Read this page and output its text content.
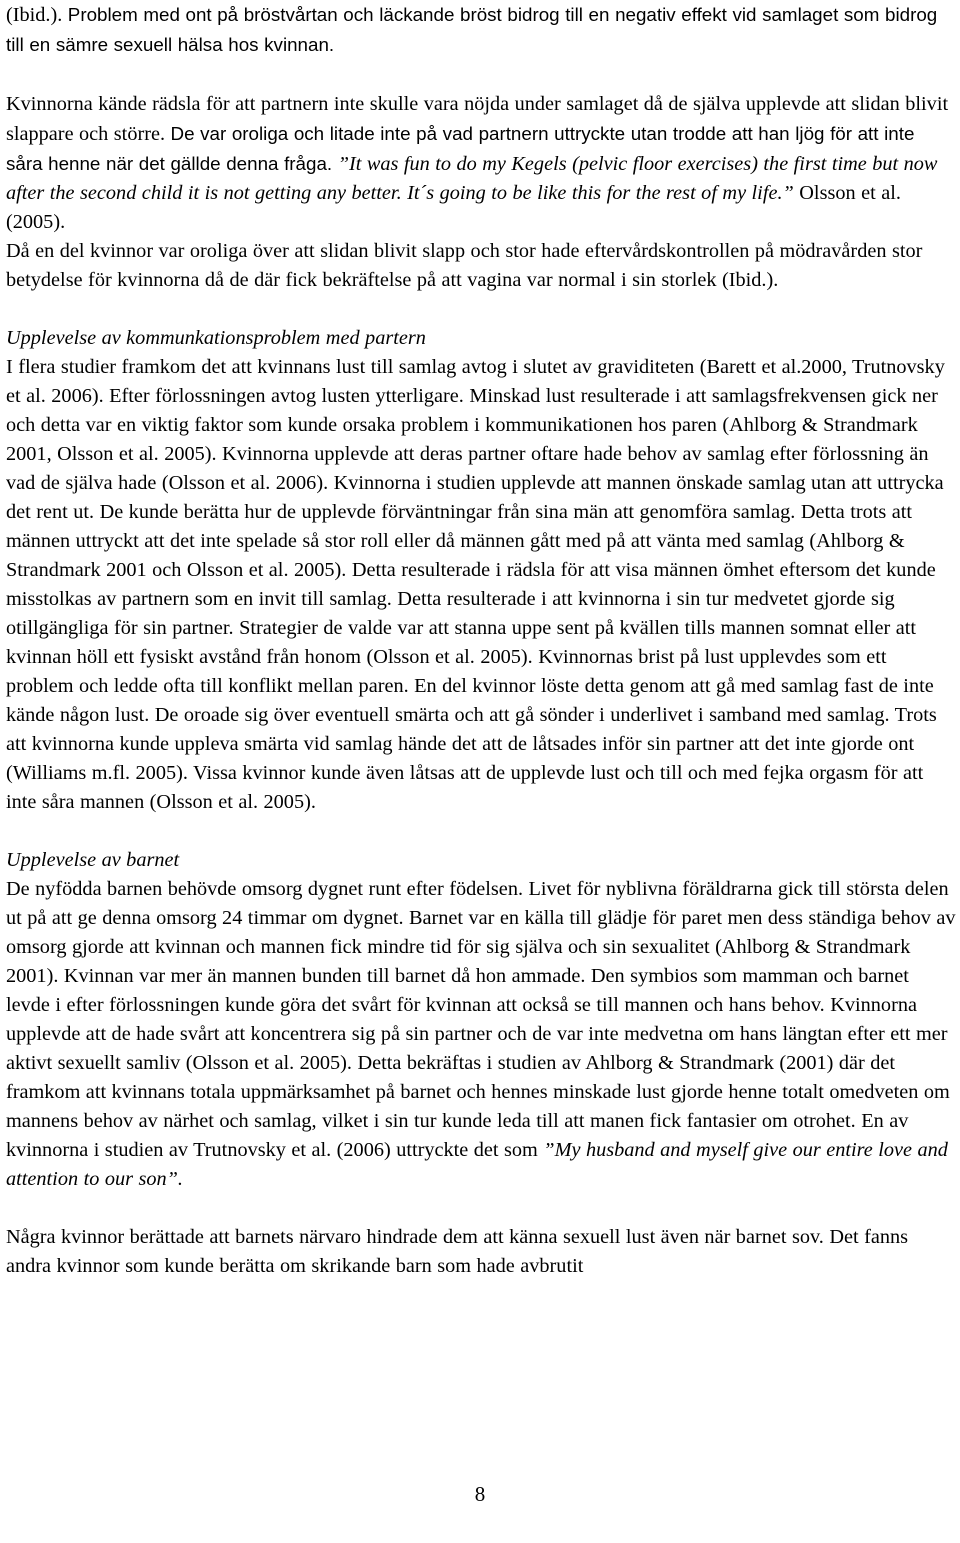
(Ibid.). Problem med ont på bröstvårtan och läckande bröst bidrog till en negativ effekt vid samlaget som bidrog till en sämre sexuell hälsa hos kvinnan.

Kvinnorna kände rädsla för att partnern inte skulle vara nöjda under samlaget då de själva upplevde att slidan blivit slappare och större. De var oroliga och litade inte på vad partnern uttryckte utan trodde att han ljög för att inte såra henne när det gällde denna fråga. ”It was fun to do my Kegels (pelvic floor exercises) the first time but now after the second child it is not getting any better. It´s going to be like this for the rest of my life.” Olsson et al. (2005).
Då en del kvinnor var oroliga över att slidan blivit slapp och stor hade eftervårdskontrollen på mödravården stor betydelse för kvinnorna då de där fick bekräftelse på att vagina var normal i sin storlek (Ibid.).

Upplevelse av kommunkationsproblem med partern

I flera studier framkom det att kvinnans lust till samlag avtog i slutet av graviditeten (Barett et al.2000, Trutnovsky et al. 2006). Efter förlossningen avtog lusten ytterligare. Minskad lust resulterade i att samlagsfrekvensen gick ner och detta var en viktig faktor som kunde orsaka problem i kommunikationen hos paren (Ahlborg & Strandmark 2001, Olsson et al. 2005). Kvinnorna upplevde att deras partner oftare hade behov av samlag efter förlossning än vad de själva hade (Olsson et al. 2006). Kvinnorna i studien upplevde att mannen önskade samlag utan att uttrycka det rent ut. De kunde berätta hur de upplevde förväntningar från sina män att genomföra samlag. Detta trots att männen uttryckt att det inte spelade så stor roll eller då männen gått med på att vänta med samlag (Ahlborg & Strandmark 2001 och Olsson et al. 2005). Detta resulterade i rädsla för att visa männen ömhet eftersom det kunde misstolkas av partnern som en invit till samlag. Detta resulterade i att kvinnorna i sin tur medvetet gjorde sig otillgängliga för sin partner. Strategier de valde var att stanna uppe sent på kvällen tills mannen somnat eller att kvinnan höll ett fysiskt avstånd från honom (Olsson et al. 2005). Kvinnornas brist på lust upplevdes som ett problem och ledde ofta till konflikt mellan paren. En del kvinnor löste detta genom att gå med samlag fast de inte kände någon lust. De oroade sig över eventuell smärta och att gå sönder i underlivet i samband med samlag. Trots att kvinnorna kunde uppleva smärta vid samlag hände det att de låtsades inför sin partner att det inte gjorde ont (Williams m.fl. 2005). Vissa kvinnor kunde även låtsas att de upplevde lust och till och med fejka orgasm för att inte såra mannen (Olsson et al. 2005).

Upplevelse av barnet

De nyfödda barnen behövde omsorg dygnet runt efter födelsen. Livet för nyblivna föräldrarna gick till största delen ut på att ge denna omsorg 24 timmar om dygnet. Barnet var en källa till glädje för paret men dess ständiga behov av omsorg gjorde att kvinnan och mannen fick mindre tid för sig själva och sin sexualitet (Ahlborg & Strandmark 2001). Kvinnan var mer än mannen bunden till barnet då hon ammade. Den symbios som mamman och barnet levde i efter förlossningen kunde göra det svårt för kvinnan att också se till mannen och hans behov. Kvinnorna upplevde att de hade svårt att koncentrera sig på sin partner och de var inte medvetna om hans längtan efter ett mer aktivt sexuellt samliv (Olsson et al. 2005). Detta bekräftas i studien av Ahlborg & Strandmark (2001) där det framkom att kvinnans totala uppmärksamhet på barnet och hennes minskade lust gjorde henne totalt omedveten om mannens behov av närhet och samlag, vilket i sin tur kunde leda till att manen fick fantasier om otrohet. En av kvinnorna i studien av Trutnovsky et al. (2006) uttryckte det som ”My husband and myself give our entire love and attention to our son”.

Några kvinnor berättade att barnets närvaro hindrade dem att känna sexuell lust även när barnet sov. Det fanns andra kvinnor som kunde berätta om skrikande barn som hade avbrutit

8
